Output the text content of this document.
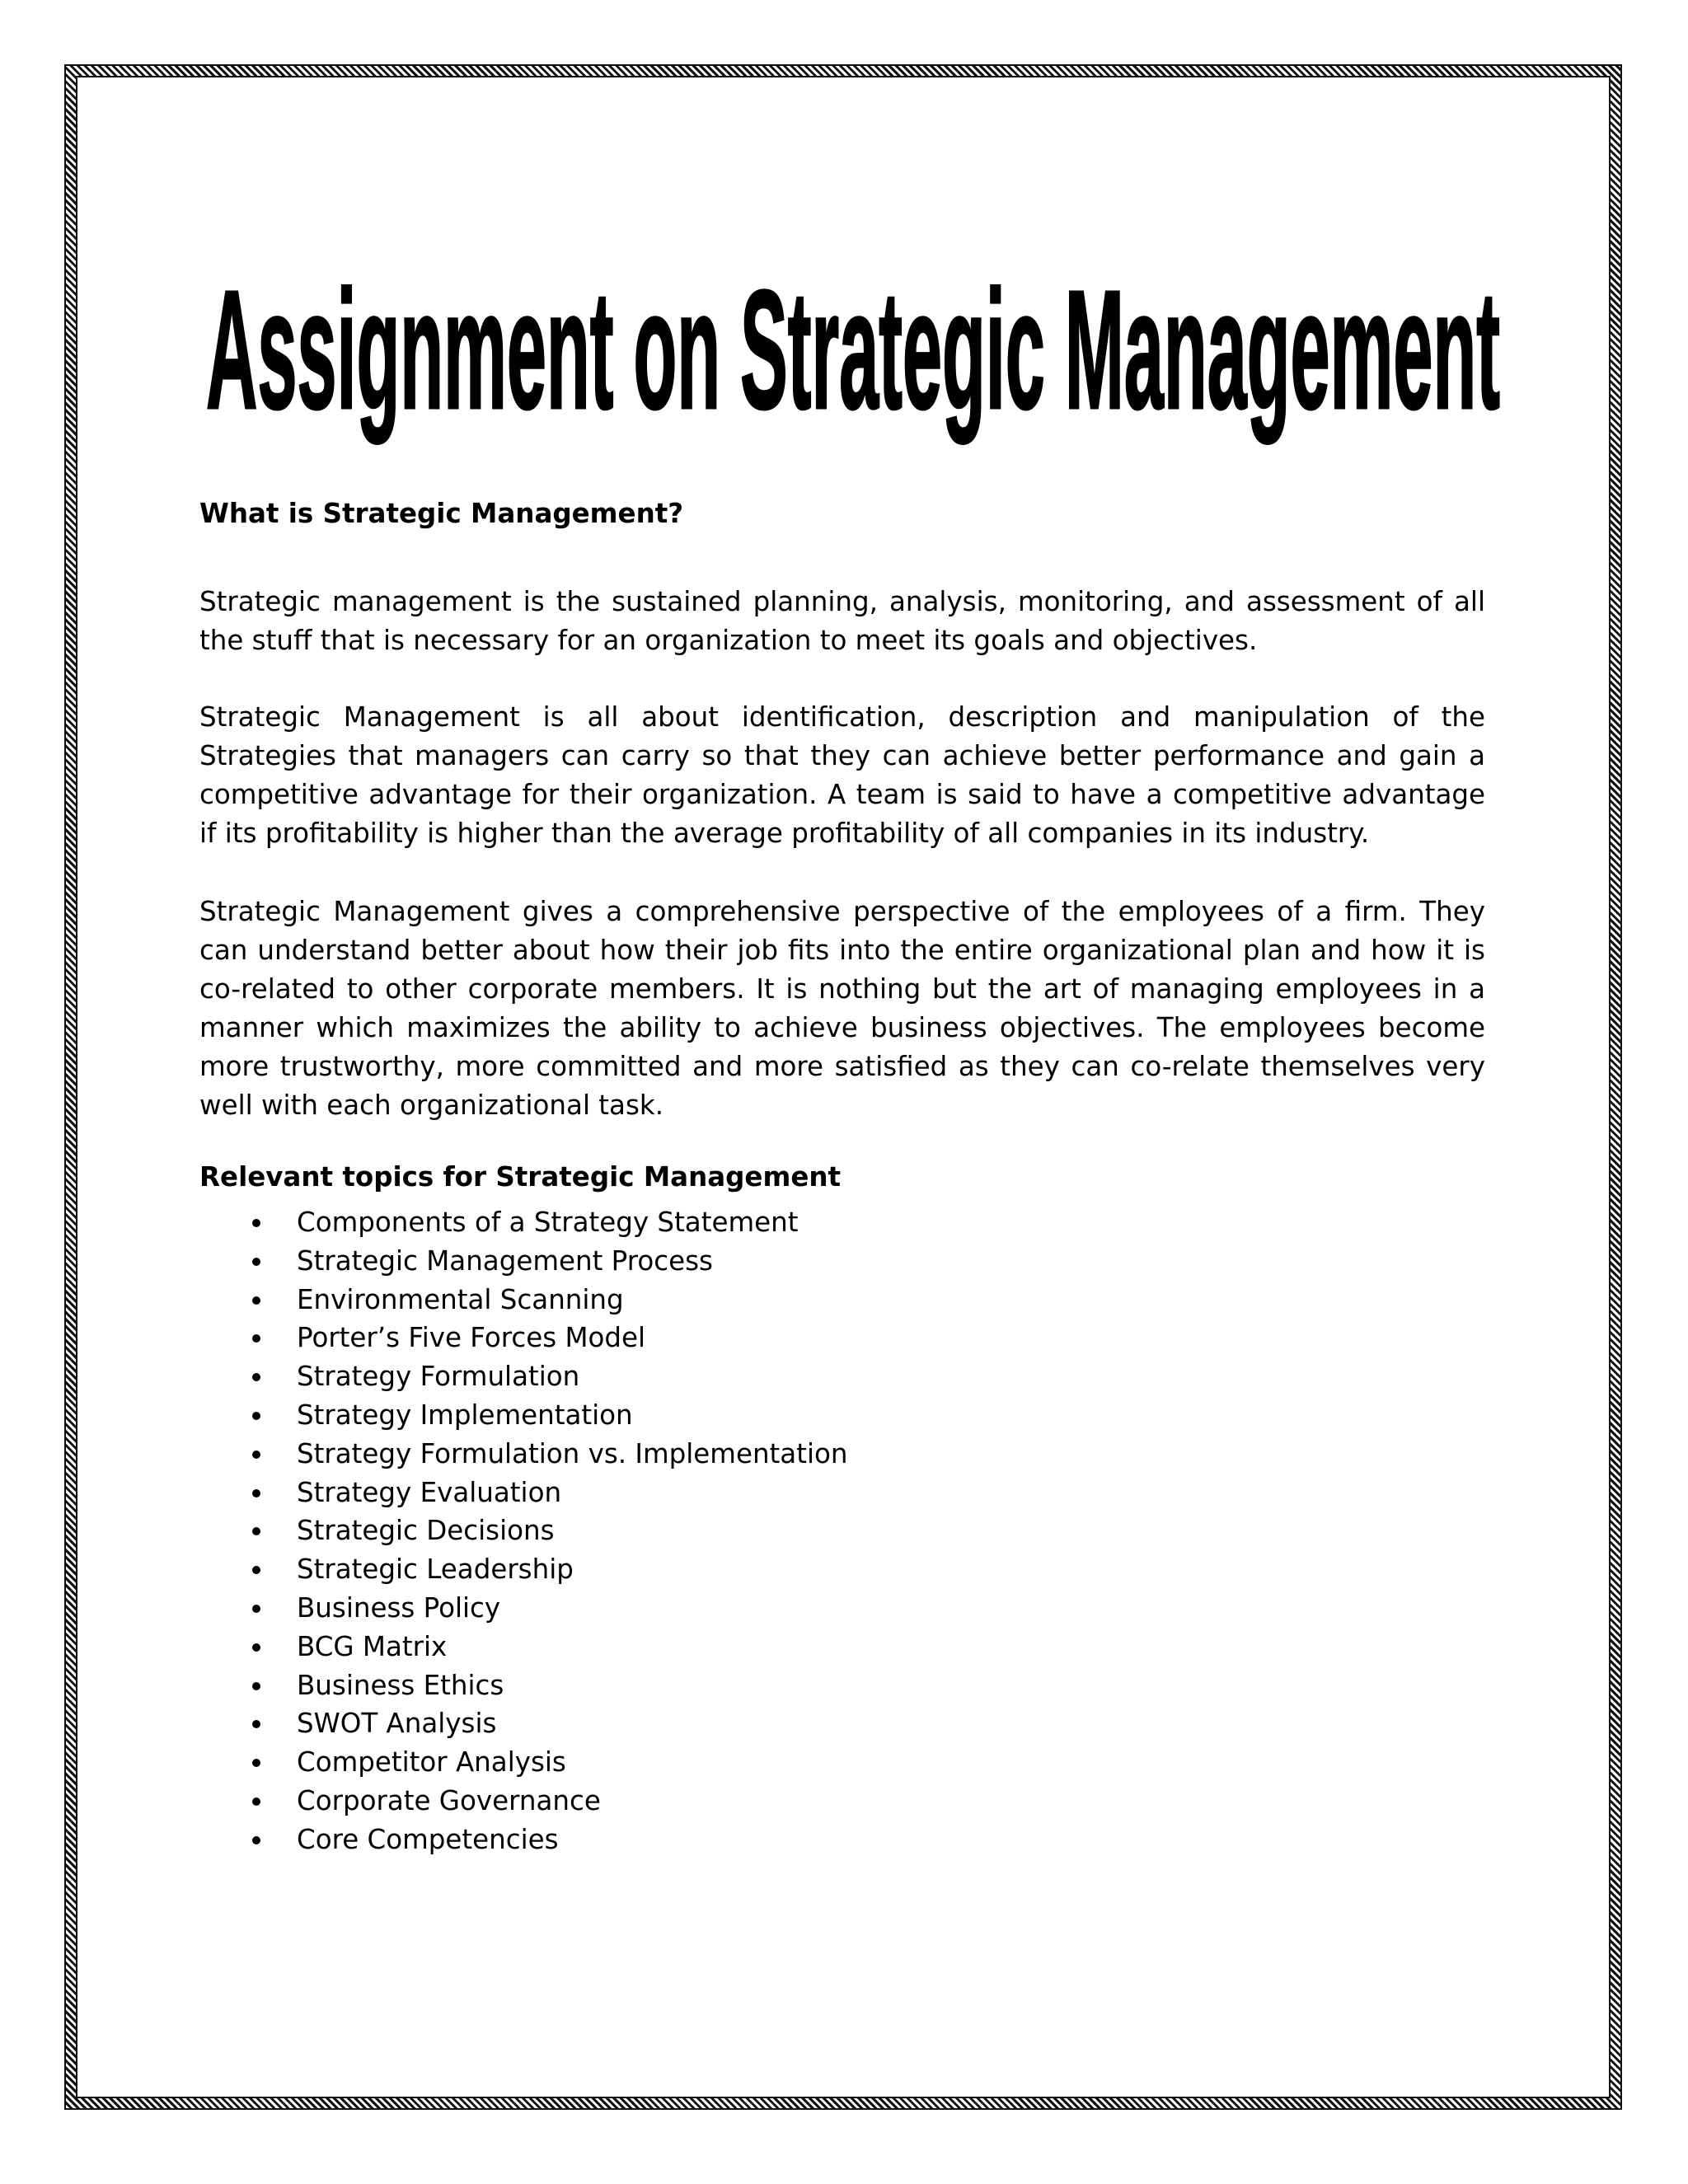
Assignment on Strategic Management
What is Strategic Management?

Strategic management is the sustained planning, analysis, monitoring, and assessment of all the stuff that is necessary for an organization to meet its goals and objectives.

Strategic Management is all about identification, description and manipulation of the Strategies that managers can carry so that they can achieve better performance and gain a competitive advantage for their organization. A team is said to have a competitive advantage if its profitability is higher than the average profitability of all companies in its industry.

Strategic Management gives a comprehensive perspective of the employees of a firm. They can understand better about how their job fits into the entire organizational plan and how it is co-related to other corporate members. It is nothing but the art of managing employees in a manner which maximizes the ability to achieve business objectives. The employees become more trustworthy, more committed and more satisfied as they can co-relate themselves very well with each organizational task.

Relevant topics for Strategic Management
Components of a Strategy Statement
Strategic Management Process
Environmental Scanning
Porter’s Five Forces Model
Strategy Formulation
Strategy Implementation
Strategy Formulation vs. Implementation
Strategy Evaluation
Strategic Decisions
Strategic Leadership
Business Policy
BCG Matrix
Business Ethics
SWOT Analysis
Competitor Analysis
Corporate Governance
Core Competencies
